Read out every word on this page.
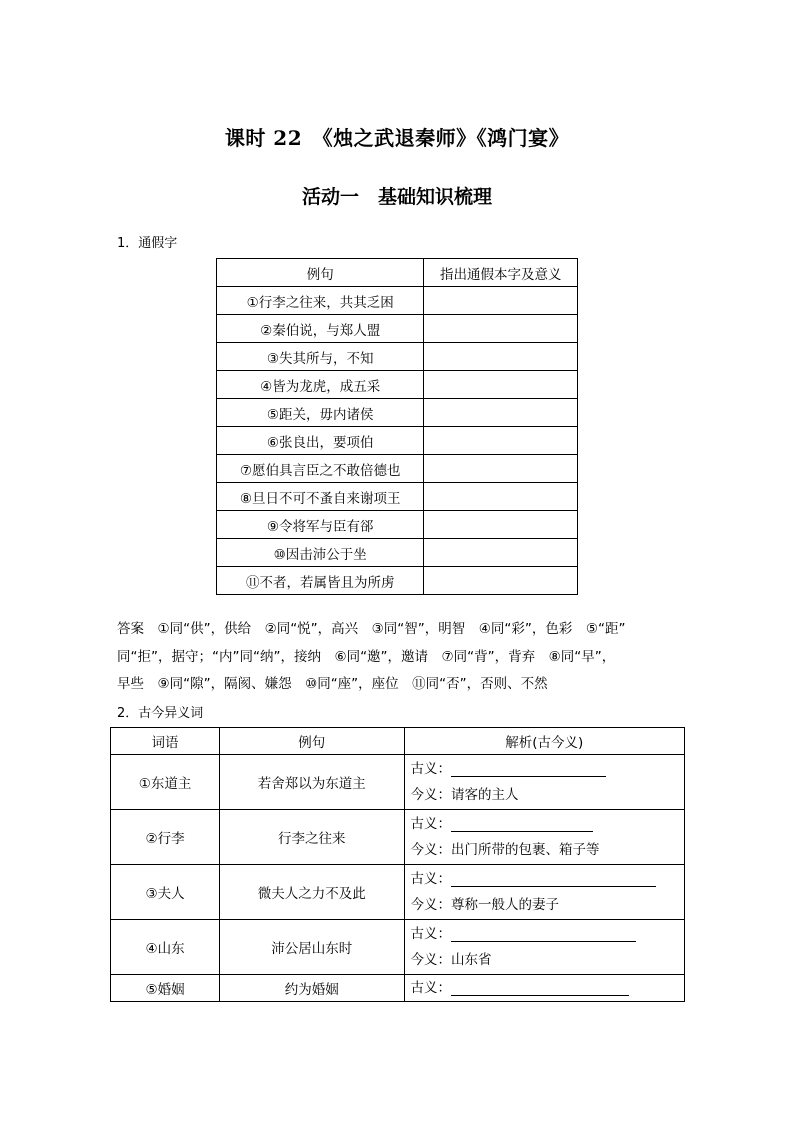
课时 22　《烛之武退秦师》《鸿门宴》
活动一　基础知识梳理
1．通假字
例句	指出通假本字及意义
①行李之往来，共其乏困	
②秦伯说，与郑人盟	
③失其所与，不知	
④皆为龙虎，成五采	
⑤距关，毋内诸侯	
⑥张良出，要项伯	
⑦愿伯具言臣之不敢倍德也	
⑧旦日不可不蚤自来谢项王	
⑨令将军与臣有郤	
⑩因击沛公于坐	
⑪不者，若属皆且为所虏	
答案　①同“供”，供给　②同“悦”，高兴　③同“智”，明智　④同“彩”，色彩　⑤“距”
同“拒”，据守；“内”同“纳”，接纳　⑥同“邀”，邀请　⑦同“背”，背弃　⑧同“早”，
早些　⑨同“隙”，隔阂、嫌怨　⑩同“座”，座位　⑪同“否”，否则、不然
2．古今异义词
词语	例句	解析(古今义)
①东道主	若舍郑以为东道主	古义：
今义：请客的主人

②行李	行李之往来	古义：
今义：出门所带的包裹、箱子等

③夫人	微夫人之力不及此	古义：
今义：尊称一般人的妻子

④山东	沛公居山东时	古义：
今义：山东省

⑤婚姻	约为婚姻	古义：
